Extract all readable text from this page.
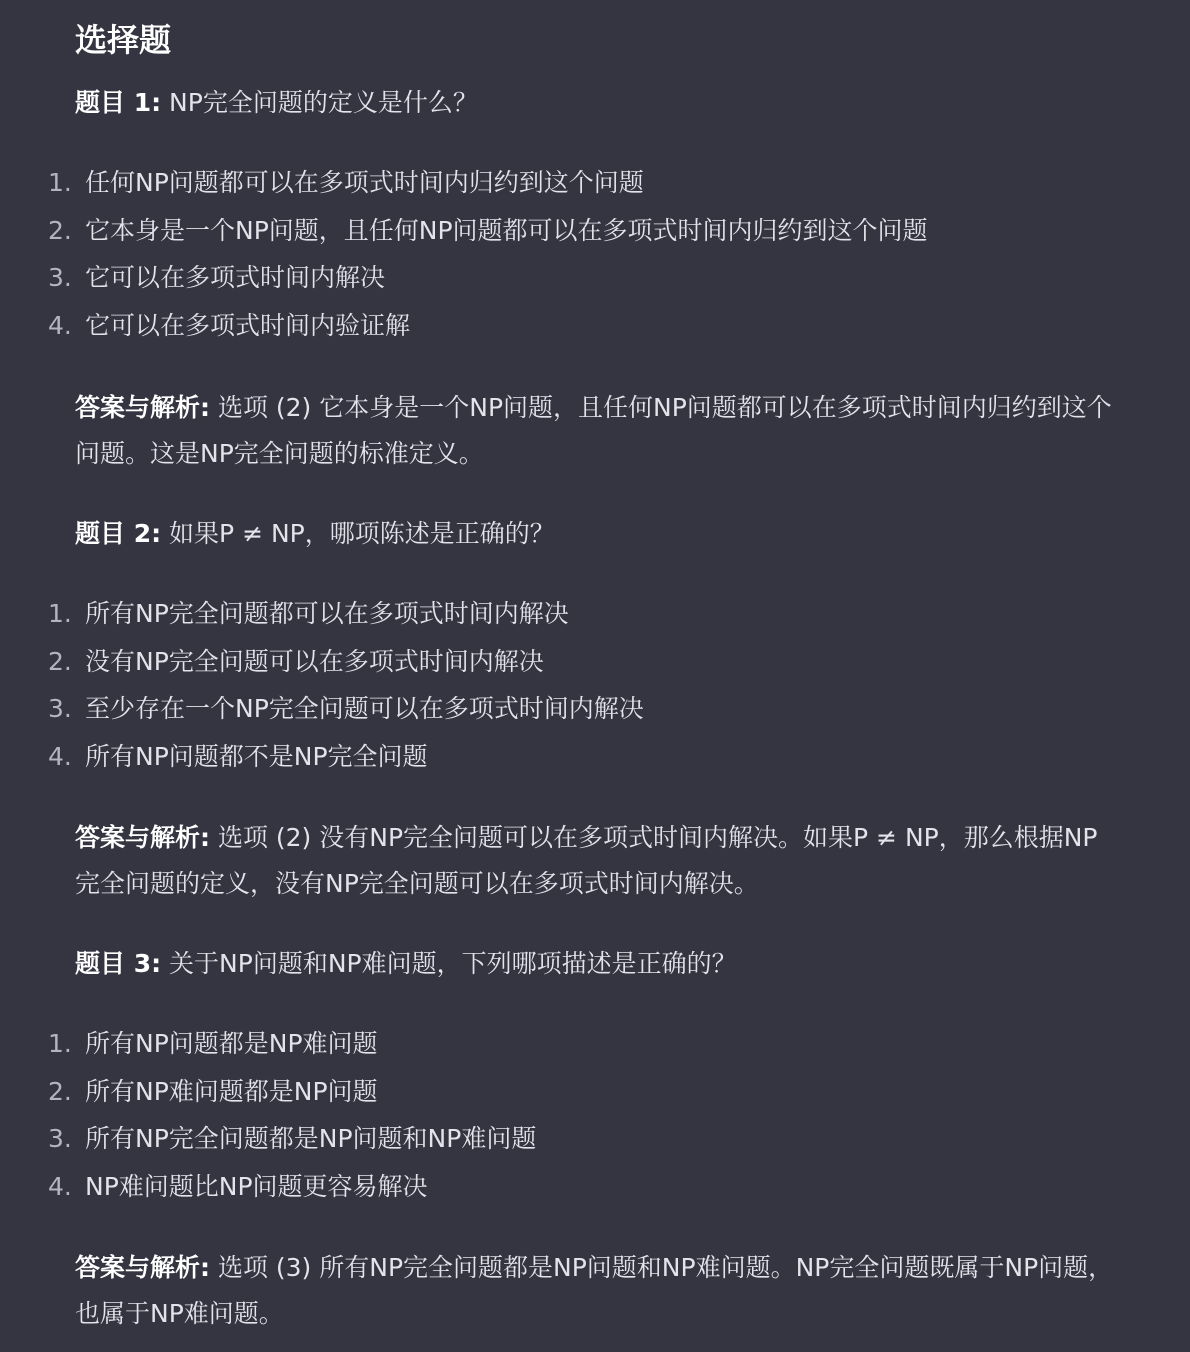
选择题

题目 1: NP完全问题的定义是什么？

1. 任何NP问题都可以在多项式时间内归约到这个问题
2. 它本身是一个NP问题，且任何NP问题都可以在多项式时间内归约到这个问题
3. 它可以在多项式时间内解决
4. 它可以在多项式时间内验证解

答案与解析: 选项 (2) 它本身是一个NP问题，且任何NP问题都可以在多项式时间内归约到这个问题。这是NP完全问题的标准定义。

题目 2: 如果P ≠ NP，哪项陈述是正确的？

1. 所有NP完全问题都可以在多项式时间内解决
2. 没有NP完全问题可以在多项式时间内解决
3. 至少存在一个NP完全问题可以在多项式时间内解决
4. 所有NP问题都不是NP完全问题

答案与解析: 选项 (2) 没有NP完全问题可以在多项式时间内解决。如果P ≠ NP，那么根据NP完全问题的定义，没有NP完全问题可以在多项式时间内解决。

题目 3: 关于NP问题和NP难问题，下列哪项描述是正确的？

1. 所有NP问题都是NP难问题
2. 所有NP难问题都是NP问题
3. 所有NP完全问题都是NP问题和NP难问题
4. NP难问题比NP问题更容易解决

答案与解析: 选项 (3) 所有NP完全问题都是NP问题和NP难问题。NP完全问题既属于NP问题，也属于NP难问题。
